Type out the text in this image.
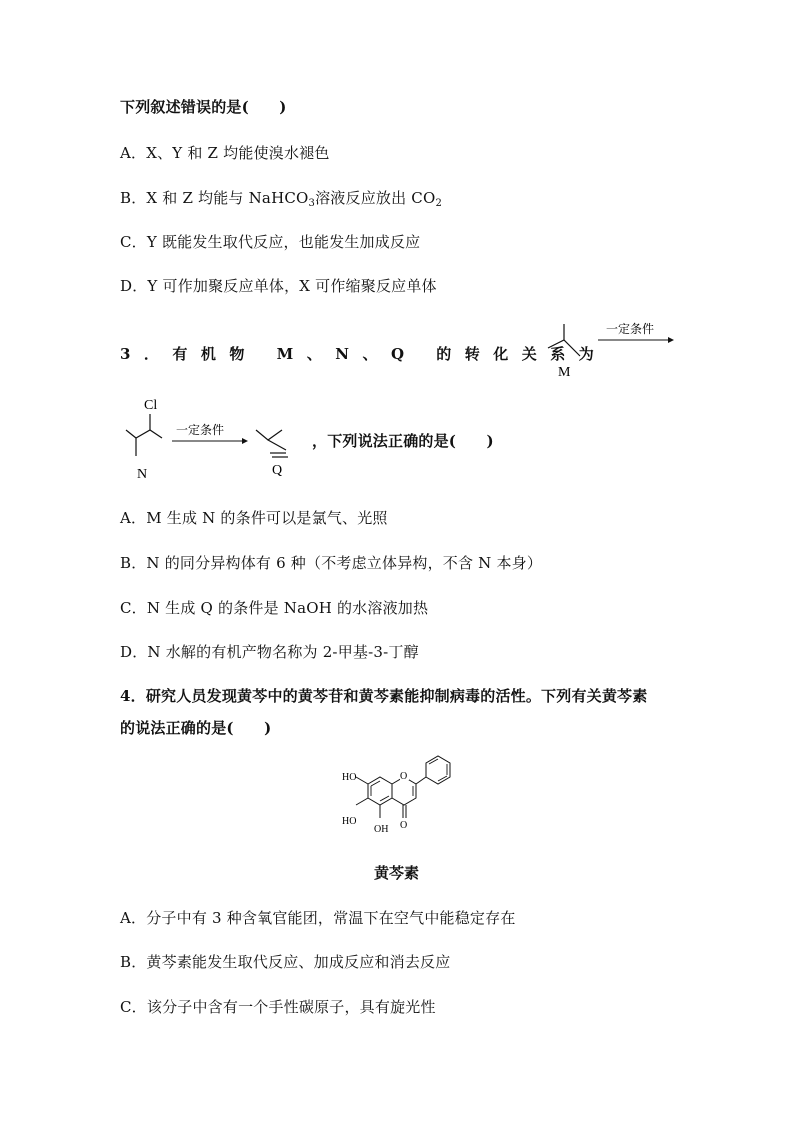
下列叙述错误的是(　　)
A．X、Y 和 Z 均能使溴水褪色
B．X 和 Z 均能与 NaHCO$_3$溶液反应放出 $CO_2$
C．Y 既能发生取代反应，也能发生加成反应
D．Y 可作加聚反应单体，X 可作缩聚反应单体
3．有机物 M、N、Q 的转化关系为
M
一定条件
Cl
N
一定条件
Q
，下列说法正确的是(　　)
A．M 生成 N 的条件可以是氯气、光照
B．N 的同分异构体有 6 种（不考虑立体异构，不含 N 本身）
C．N 生成 Q 的条件是 NaOH 的水溶液加热
D．N 水解的有机产物名称为 2-甲基-3-丁醇
4．研究人员发现黄芩中的黄芩苷和黄芩素能抑制病毒的活性。下列有关黄芩素
的说法正确的是(　　)
O
O
HO
HO
OH
黄芩素
A．分子中有 3 种含氧官能团，常温下在空气中能稳定存在
B．黄芩素能发生取代反应、加成反应和消去反应
C．该分子中含有一个手性碳原子，具有旋光性
